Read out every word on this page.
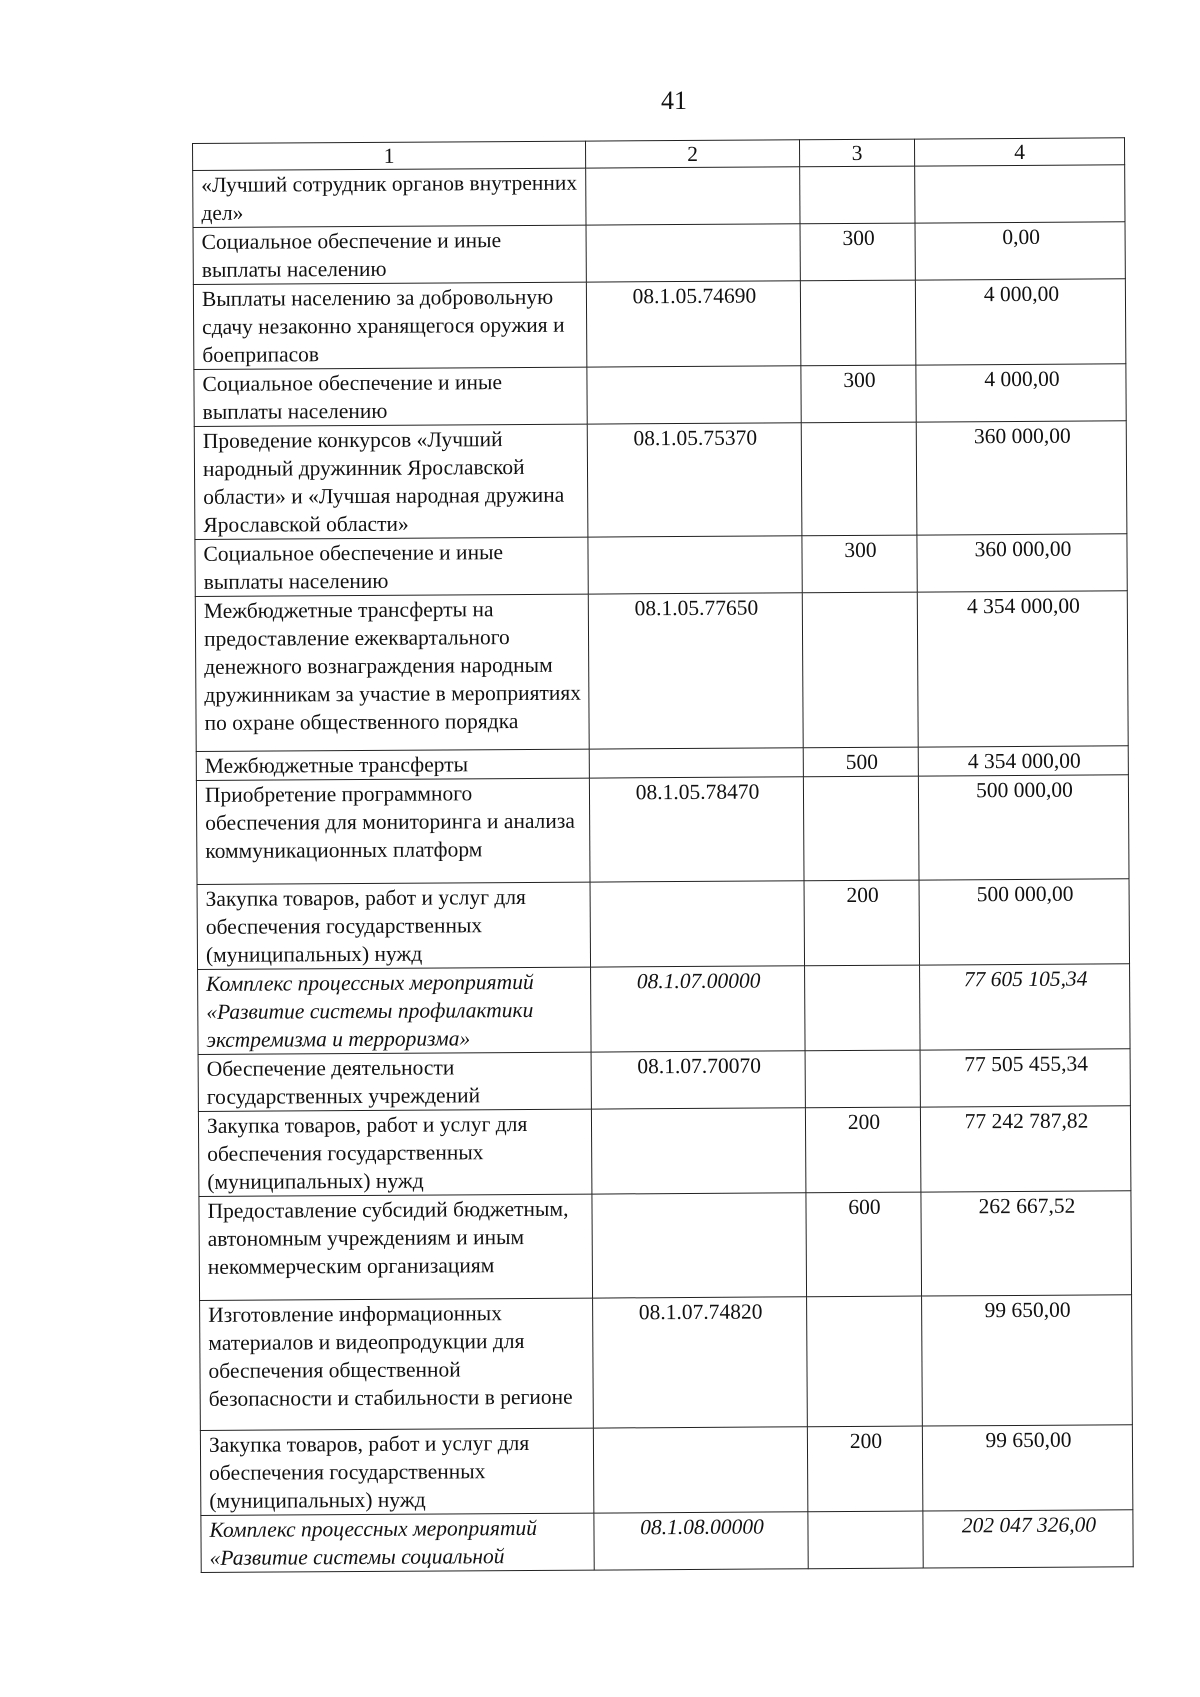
41
1	2	3	4
«Лучший сотрудник органов внутренних дел»			
Социальное обеспечение и иные выплаты населению		300	0,00
Выплаты населению за добровольную сдачу незаконно хранящегося оружия и боеприпасов	08.1.05.74690		4 000,00
Социальное обеспечение и иные выплаты населению		300	4 000,00
Проведение конкурсов «Лучший народный дружинник Ярославской области» и «Лучшая народная дружина Ярославской области»	08.1.05.75370		360 000,00
Социальное обеспечение и иные выплаты населению		300	360 000,00
Межбюджетные трансферты на предоставление ежеквартального денежного вознаграждения народным дружинникам за участие в мероприятиях по охране общественного порядка	08.1.05.77650		4 354 000,00
Межбюджетные трансферты		500	4 354 000,00
Приобретение программного обеспечения для мониторинга и анализа коммуникационных платформ	08.1.05.78470		500 000,00
Закупка товаров, работ и услуг для обеспечения государственных (муниципальных) нужд		200	500 000,00
Комплекс процессных мероприятий «Развитие системы профилактики экстремизма и терроризма»	08.1.07.00000		77 605 105,34
Обеспечение деятельности государственных учреждений	08.1.07.70070		77 505 455,34
Закупка товаров, работ и услуг для обеспечения государственных (муниципальных) нужд		200	77 242 787,82
Предоставление субсидий бюджетным, автономным учреждениям и иным некоммерческим организациям		600	262 667,52
Изготовление информационных материалов и видеопродукции для обеспечения общественной безопасности и стабильности в регионе	08.1.07.74820		99 650,00
Закупка товаров, работ и услуг для обеспечения государственных (муниципальных) нужд		200	99 650,00
Комплекс процессных мероприятий «Развитие системы социальной	08.1.08.00000		202 047 326,00
